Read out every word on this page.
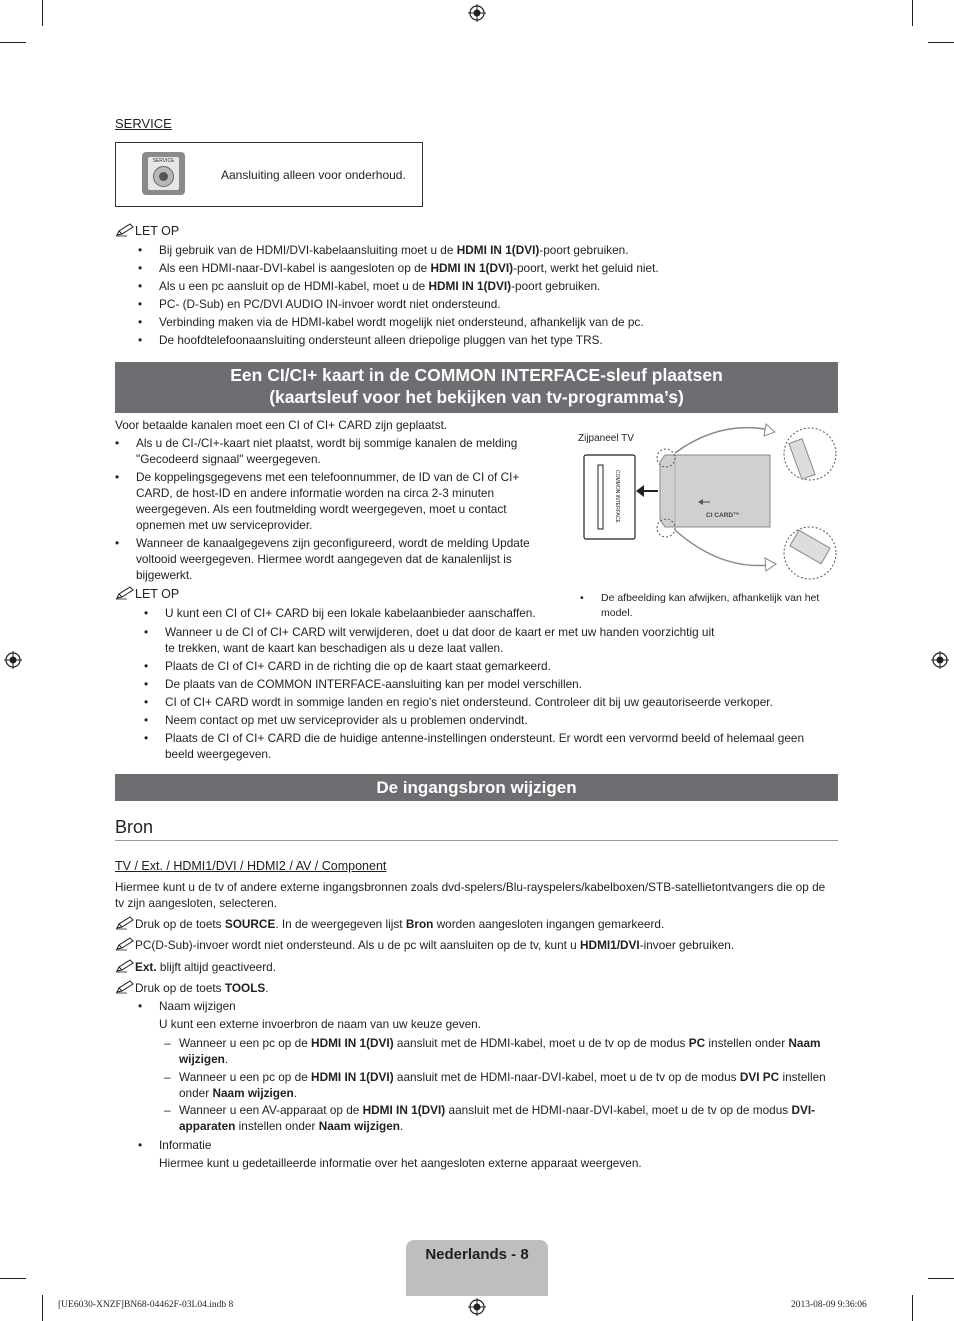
SERVICE
SERVICE
Aansluiting alleen voor onderhoud.
LET OP
• Bij gebruik van de HDMI/DVI-kabelaansluiting moet u de HDMI IN 1(DVI)-poort gebruiken.
• Als een HDMI-naar-DVI-kabel is aangesloten op de HDMI IN 1(DVI)-poort, werkt het geluid niet.
• Als u een pc aansluit op de HDMI-kabel, moet u de HDMI IN 1(DVI)-poort gebruiken.
• PC- (D-Sub) en PC/DVI AUDIO IN-invoer wordt niet ondersteund.
• Verbinding maken via de HDMI-kabel wordt mogelijk niet ondersteund, afhankelijk van de pc.
• De hoofdtelefoonaansluiting ondersteunt alleen driepolige pluggen van het type TRS.
Een CI/CI+ kaart in de COMMON INTERFACE-sleuf plaatsen
(kaartsleuf voor het bekijken van tv-programma’s)
Voor betaalde kanalen moet een CI of CI+ CARD zijn geplaatst.
• Als u de CI-/CI+-kaart niet plaatst, wordt bij sommige kanalen de melding "Gecodeerd signaal" weergegeven.
• De koppelingsgegevens met een telefoonnummer, de ID van de CI of CI+ CARD, de host-ID en andere informatie worden na circa 2-3 minuten weergegeven. Als een foutmelding wordt weergegeven, moet u contact opnemen met uw serviceprovider.
• Wanneer de kanaalgegevens zijn geconfigureerd, wordt de melding Update voltooid weergegeven. Hiermee wordt aangegeven dat de kanalenlijst is bijgewerkt.
Zijpaneel TV
COMMON INTERFACE	CI CARD™
• De afbeelding kan afwijken, afhankelijk van het model.
LET OP
• U kunt een CI of CI+ CARD bij een lokale kabelaanbieder aanschaffen.
• Wanneer u de CI of CI+ CARD wilt verwijderen, doet u dat door de kaart er met uw handen voorzichtig uit te trekken, want de kaart kan beschadigen als u deze laat vallen.
• Plaats de CI of CI+ CARD in de richting die op de kaart staat gemarkeerd.
• De plaats van de COMMON INTERFACE-aansluiting kan per model verschillen.
• CI of CI+ CARD wordt in sommige landen en regio's niet ondersteund. Controleer dit bij uw geautoriseerde verkoper.
• Neem contact op met uw serviceprovider als u problemen ondervindt.
• Plaats de CI of CI+ CARD die de huidige antenne-instellingen ondersteunt. Er wordt een vervormd beeld of helemaal geen beeld weergegeven.
De ingangsbron wijzigen
Bron
TV / Ext. / HDMI1/DVI / HDMI2 / AV / Component
Hiermee kunt u de tv of andere externe ingangsbronnen zoals dvd-spelers/Blu-rayspelers/kabelboxen/STB-satellietontvangers die op de tv zijn aangesloten, selecteren.
Druk op de toets SOURCE. In de weergegeven lijst Bron worden aangesloten ingangen gemarkeerd.
PC(D-Sub)-invoer wordt niet ondersteund. Als u de pc wilt aansluiten op de tv, kunt u HDMI1/DVI-invoer gebruiken.
Ext. blijft altijd geactiveerd.
Druk op de toets TOOLS.
• Naam wijzigen
U kunt een externe invoerbron de naam van uw keuze geven.
– Wanneer u een pc op de HDMI IN 1(DVI) aansluit met de HDMI-kabel, moet u de tv op de modus PC instellen onder Naam wijzigen.
– Wanneer u een pc op de HDMI IN 1(DVI) aansluit met de HDMI-naar-DVI-kabel, moet u de tv op de modus DVI PC instellen onder Naam wijzigen.
– Wanneer u een AV-apparaat op de HDMI IN 1(DVI) aansluit met de HDMI-naar-DVI-kabel, moet u de tv op de modus DVI-apparaten instellen onder Naam wijzigen.
• Informatie
Hiermee kunt u gedetailleerde informatie over het aangesloten externe apparaat weergeven.
Nederlands - 8
[UE6030-XNZF]BN68-04462F-03L04.indb 8	2013-08-09 9:36:06
